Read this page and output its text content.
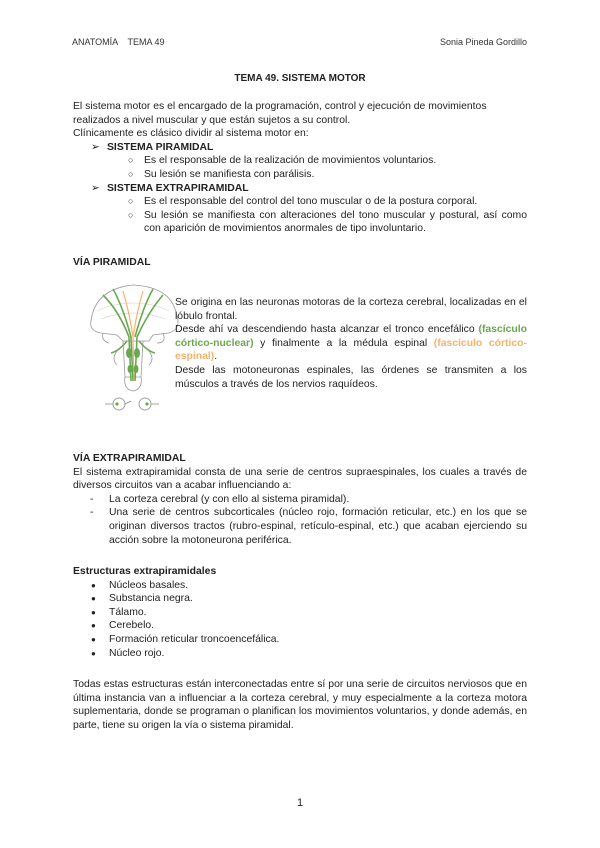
ANATOMÍA    TEMA 49	Sonia Pineda Gordillo
TEMA 49. SISTEMA MOTOR

El sistema motor es el encargado de la programación, control y ejecución de movimientos realizados a nivel muscular y que están sujetos a su control.

Clínicamente es clásico dividir al sistema motor en:

➢ SISTEMA PIRAMIDAL
○ Es el responsable de la realización de movimientos voluntarios.
○ Su lesión se manifiesta con parálisis.
➢ SISTEMA EXTRAPIRAMIDAL
○ Es el responsable del control del tono muscular o de la postura corporal.
○ Su lesión se manifiesta con alteraciones del tono muscular y postural, así como con aparición de movimientos anormales de tipo involuntario.
VÍA PIRAMIDAL

Se origina en las neuronas motoras de la corteza cerebral, localizadas en el lóbulo frontal.

Desde ahí va descendiendo hasta alcanzar el tronco encefálico (fascículo córtico-nuclear) y finalmente a la médula espinal (fascículo córtico-espinal).

Desde las motoneuronas espinales, las órdenes se transmiten a los músculos a través de los nervios raquídeos.

VÍA EXTRAPIRAMIDAL

El sistema extrapiramidal consta de una serie de centros supraespinales, los cuales a través de diversos circuitos van a acabar influenciando a:

- La corteza cerebral (y con ello al sistema piramidal).
- Una serie de centros subcorticales (núcleo rojo, formación reticular, etc.) en los que se originan diversos tractos (rubro-espinal, retículo-espinal, etc.) que acaban ejerciendo su acción sobre la motoneurona periférica.

Estructuras extrapiramidales

● Núcleos basales.
● Substancia negra.
● Tálamo.
● Cerebelo.
● Formación reticular troncoencefálica.
● Núcleo rojo.

Todas estas estructuras están interconectadas entre sí por una serie de circuitos nerviosos que en última instancia van a influenciar a la corteza cerebral, y muy especialmente a la corteza motora suplementaria, donde se programan o planifican los movimientos voluntarios, y donde además, en parte, tiene su origen la vía o sistema piramidal.

1
